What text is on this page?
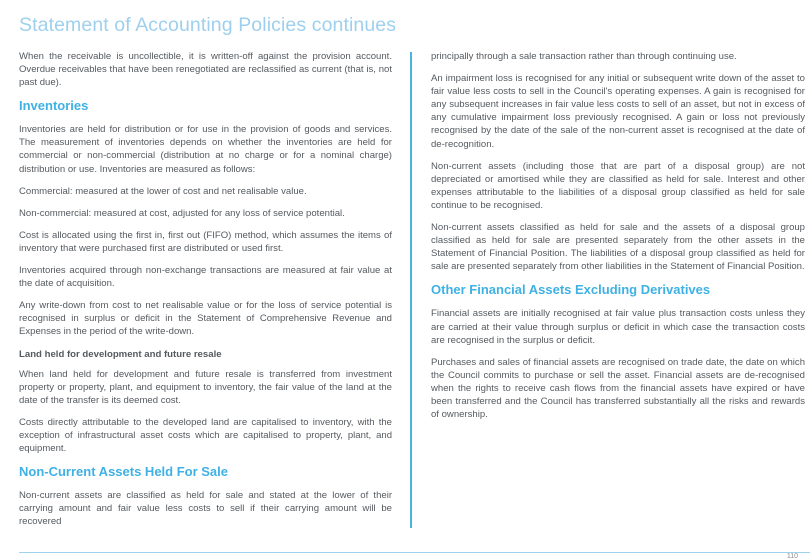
Statement of Accounting Policies continues

When the receivable is uncollectible, it is written-off against the provision account. Overdue receivables that have been renegotiated are reclassified as current (that is, not past due).

Inventories

Inventories are held for distribution or for use in the provision of goods and services. The measurement of inventories depends on whether the inventories are held for commercial or non-commercial (distribution at no charge or for a nominal charge) distribution or use. Inventories are measured as follows:

Commercial: measured at the lower of cost and net realisable value.

Non-commercial: measured at cost, adjusted for any loss of service potential.

Cost is allocated using the first in, first out (FIFO) method, which assumes the items of inventory that were purchased first are distributed or used first.

Inventories acquired through non-exchange transactions are measured at fair value at the date of acquisition.

Any write-down from cost to net realisable value or for the loss of service potential is recognised in surplus or deficit in the Statement of Comprehensive Revenue and Expenses in the period of the write-down.

Land held for development and future resale

When land held for development and future resale is transferred from investment property or property, plant, and equipment to inventory, the fair value of the land at the date of the transfer is its deemed cost.

Costs directly attributable to the developed land are capitalised to inventory, with the exception of infrastructural asset costs which are capitalised to property, plant, and equipment.

Non-Current Assets Held For Sale

Non-current assets are classified as held for sale and stated at the lower of their carrying amount and fair value less costs to sell if their carrying amount will be recovered

principally through a sale transaction rather than through continuing use.

An impairment loss is recognised for any initial or subsequent write down of the asset to fair value less costs to sell in the Council's operating expenses. A gain is recognised for any subsequent increases in fair value less costs to sell of an asset, but not in excess of any cumulative impairment loss previously recognised. A gain or loss not previously recognised by the date of the sale of the non-current asset is recognised at the date of de-recognition.

Non-current assets (including those that are part of a disposal group) are not depreciated or amortised while they are classified as held for sale. Interest and other expenses attributable to the liabilities of a disposal group classified as held for sale continue to be recognised.

Non-current assets classified as held for sale and the assets of a disposal group classified as held for sale are presented separately from the other assets in the Statement of Financial Position. The liabilities of a disposal group classified as held for sale are presented separately from other liabilities in the Statement of Financial Position.

Other Financial Assets Excluding Derivatives

Financial assets are initially recognised at fair value plus transaction costs unless they are carried at their value through surplus or deficit in which case the transaction costs are recognised in the surplus or deficit.

Purchases and sales of financial assets are recognised on trade date, the date on which the Council commits to purchase or sell the asset. Financial assets are de-recognised when the rights to receive cash flows from the financial assets have expired or have been transferred and the Council has transferred substantially all the risks and rewards of ownership.

110
